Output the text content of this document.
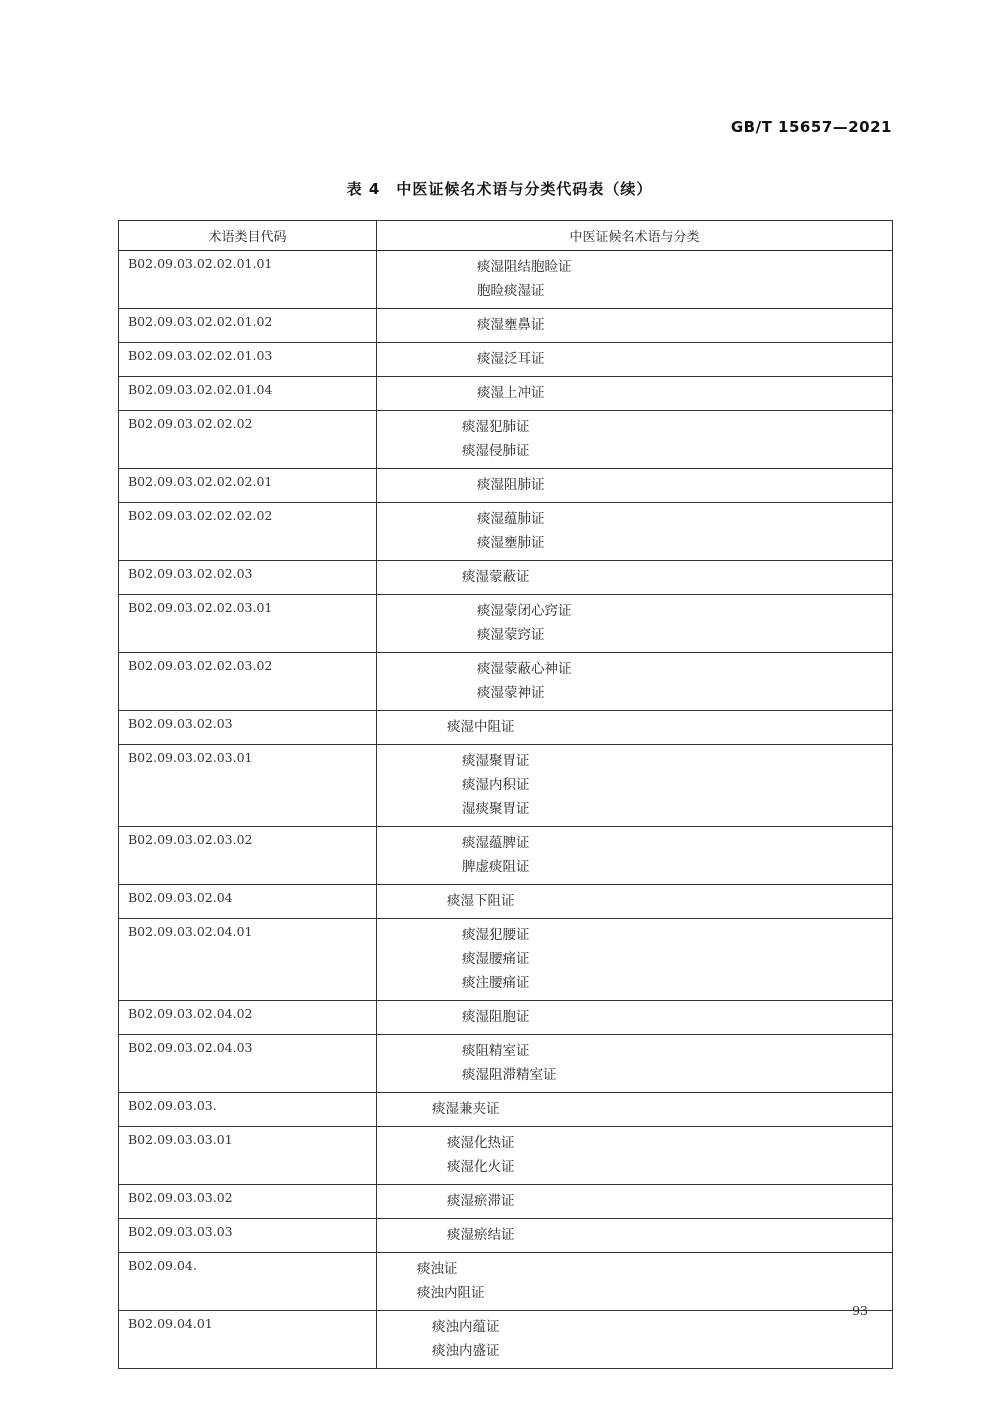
GB/T 15657—2021
表 4 中医证候名术语与分类代码表（续）
术语类目代码	中医证候名术语与分类
B02.09.03.02.02.01.01	痰湿阻结胞睑证
胞睑痰湿证

B02.09.03.02.02.01.02	痰湿壅鼻证

B02.09.03.02.02.01.03	痰湿泛耳证

B02.09.03.02.02.01.04	痰湿上冲证

B02.09.03.02.02.02	痰湿犯肺证
痰湿侵肺证

B02.09.03.02.02.02.01	痰湿阻肺证

B02.09.03.02.02.02.02	痰湿蕴肺证
痰湿壅肺证

B02.09.03.02.02.03	痰湿蒙蔽证

B02.09.03.02.02.03.01	痰湿蒙闭心窍证
痰湿蒙窍证

B02.09.03.02.02.03.02	痰湿蒙蔽心神证
痰湿蒙神证

B02.09.03.02.03	痰湿中阻证

B02.09.03.02.03.01	痰湿聚胃证
痰湿内积证
湿痰聚胃证

B02.09.03.02.03.02	痰湿蕴脾证
脾虚痰阻证

B02.09.03.02.04	痰湿下阻证

B02.09.03.02.04.01	痰湿犯腰证
痰湿腰痛证
痰注腰痛证

B02.09.03.02.04.02	痰湿阻胞证

B02.09.03.02.04.03	痰阻精室证
痰湿阻滞精室证

B02.09.03.03.	痰湿兼夹证

B02.09.03.03.01	痰湿化热证
痰湿化火证

B02.09.03.03.02	痰湿瘀滞证

B02.09.03.03.03	痰湿瘀结证

B02.09.04.	痰浊证
痰浊内阻证

B02.09.04.01	痰浊内蕴证
痰浊内盛证
93
